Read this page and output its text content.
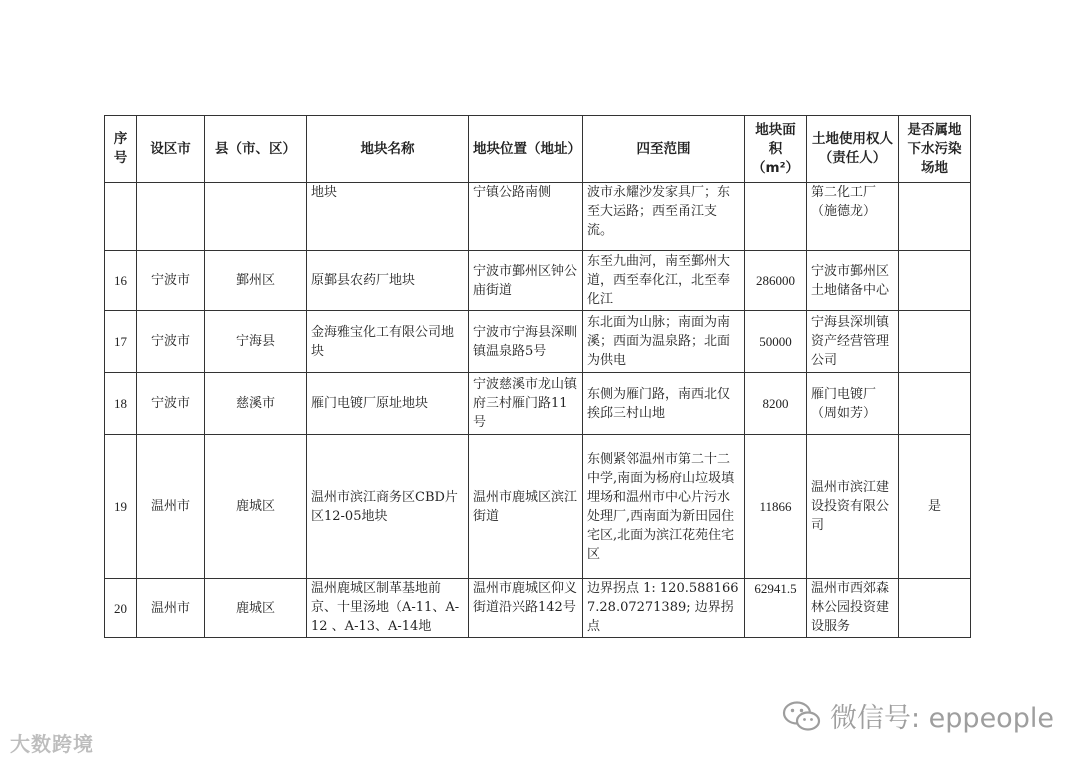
序号	设区市	县（市、区）	地块名称	地块位置（地址）	四至范围	地块面积（m²）	土地使用权人（责任人）	是否属地下水污染场地
			地块	宁镇公路南侧	波市永耀沙发家具厂；东至大运路；西至甬江支流。		第二化工厂（施德龙）	
16	宁波市	鄞州区	原鄞县农药厂地块	宁波市鄞州区钟公庙街道	东至九曲河，南至鄞州大道，西至奉化江，北至奉化江	286000	宁波市鄞州区土地储备中心	
17	宁波市	宁海县	金海雅宝化工有限公司地块	宁波市宁海县深甽镇温泉路5号	东北面为山脉；南面为南溪；西面为温泉路；北面为供电	50000	宁海县深圳镇资产经营管理公司	
18	宁波市	慈溪市	雁门电镀厂原址地块	宁波慈溪市龙山镇府三村雁门路11号	东侧为雁门路，南西北仅挨邱三村山地	8200	雁门电镀厂（周如芳）	
19	温州市	鹿城区	温州市滨江商务区CBD片区12-05地块	温州市鹿城区滨江街道	东侧紧邻温州市第二十二中学,南面为杨府山垃圾填埋场和温州市中心片污水处理厂,西南面为新田园住宅区,北面为滨江花苑住宅区	11866	温州市滨江建设投资有限公司	是
20	温州市	鹿城区	温州鹿城区制革基地前京、十里汤地（A-11、A-12 、A-13、A-14地	温州市鹿城区仰义街道沿兴路142号	边界拐点 1: 120.5881667.28.07271389; 边界拐点	62941.5	温州市西郊森林公园投资建设服务	
大数跨境
微信号: eppeople
